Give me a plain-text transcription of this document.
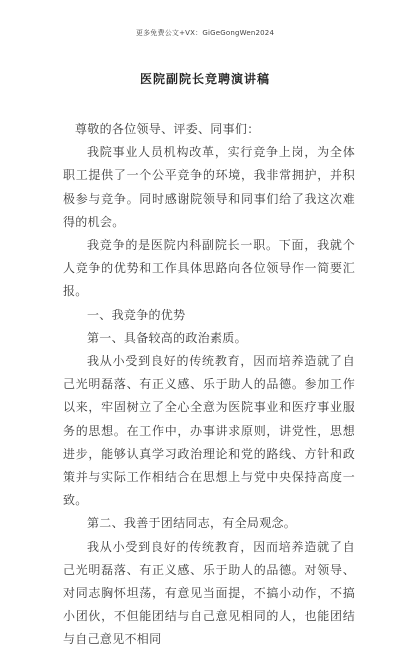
更多免费公文+VX：GiGeGongWen2024
医院副院长竞聘演讲稿

尊敬的各位领导、评委、同事们：

我院事业人员机构改革，实行竞争上岗，为全体职工提供了一个公平竞争的环境，我非常拥护，并积极参与竞争。同时感谢院领导和同事们给了我这次难得的机会。

我竞争的是医院内科副院长一职。下面，我就个人竞争的优势和工作具体思路向各位领导作一简要汇报。

一、我竞争的优势

第一、具备较高的政治素质。

我从小受到良好的传统教育，因而培养造就了自己光明磊落、有正义感、乐于助人的品德。参加工作以来，牢固树立了全心全意为医院事业和医疗事业服务的思想。在工作中，办事讲求原则，讲党性，思想进步，能够认真学习政治理论和党的路线、方针和政策并与实际工作相结合在思想上与党中央保持高度一致。

第二、我善于团结同志，有全局观念。

我从小受到良好的传统教育，因而培养造就了自己光明磊落、有正义感、乐于助人的品德。对领导、对同志胸怀坦荡，有意见当面提，不搞小动作，不搞小团伙，不但能团结与自己意见相同的人，也能团结与自己意见不相同
